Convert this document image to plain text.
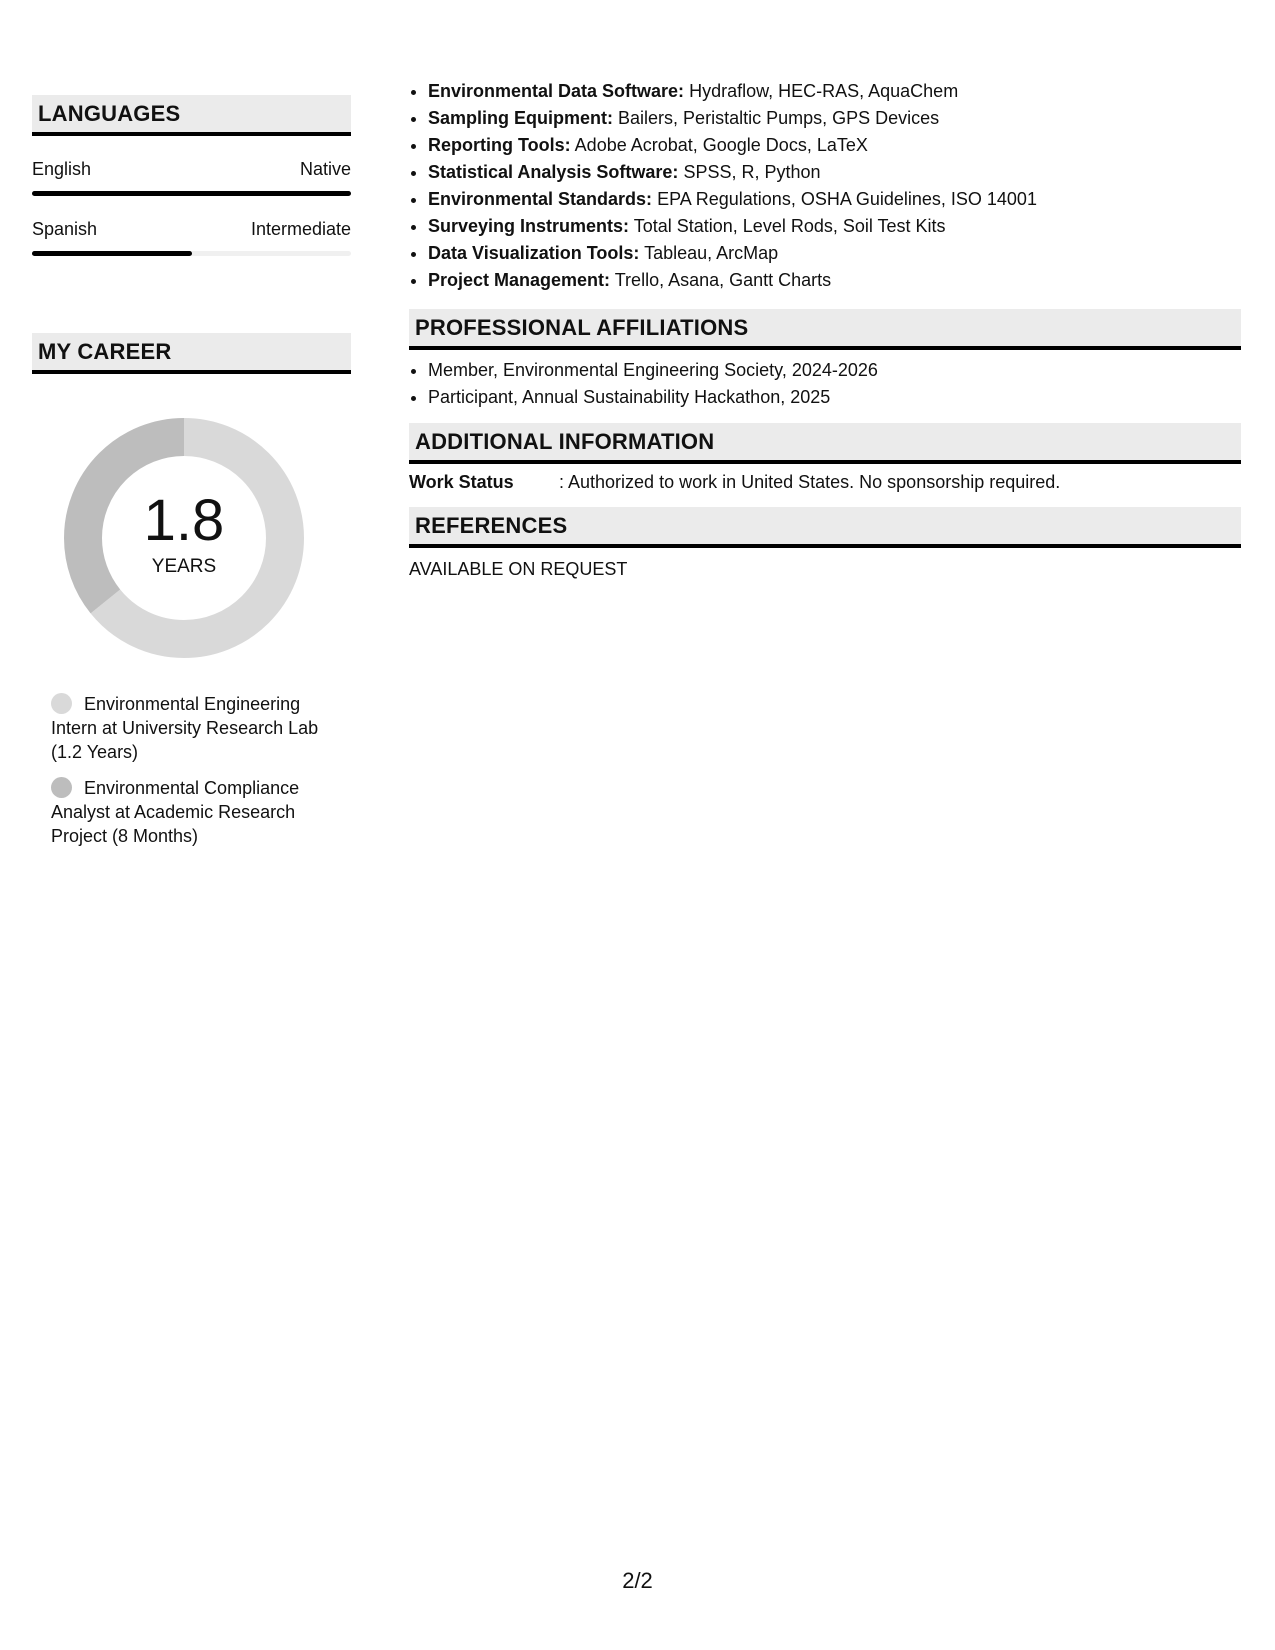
LANGUAGES
English	Native
Spanish	Intermediate
MY CAREER
1.8
YEARS
Environmental Engineering Intern at University Research Lab (1.2 Years)
Environmental Compliance Analyst at Academic Research Project (8 Months)
• Environmental Data Software: Hydraflow, HEC-RAS, AquaChem
• Sampling Equipment: Bailers, Peristaltic Pumps, GPS Devices
• Reporting Tools: Adobe Acrobat, Google Docs, LaTeX
• Statistical Analysis Software: SPSS, R, Python
• Environmental Standards: EPA Regulations, OSHA Guidelines, ISO 14001
• Surveying Instruments: Total Station, Level Rods, Soil Test Kits
• Data Visualization Tools: Tableau, ArcMap
• Project Management: Trello, Asana, Gantt Charts
PROFESSIONAL AFFILIATIONS
• Member, Environmental Engineering Society, 2024-2026
• Participant, Annual Sustainability Hackathon, 2025
ADDITIONAL INFORMATION
Work Status	: Authorized to work in United States. No sponsorship required.
REFERENCES
AVAILABLE ON REQUEST
2/2
